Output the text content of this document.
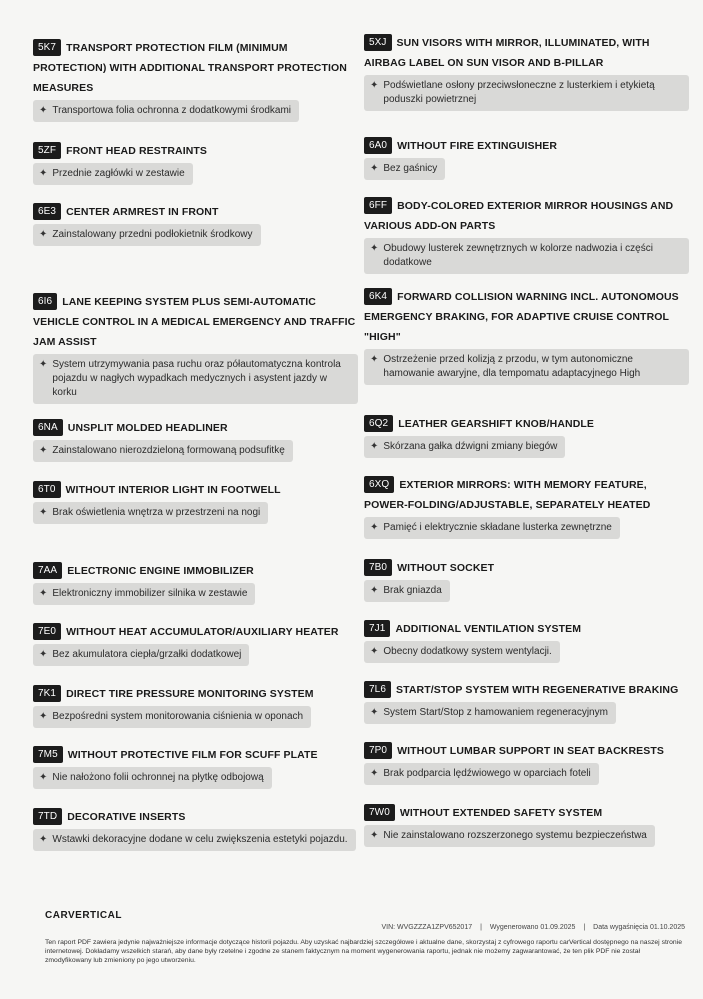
5K7 TRANSPORT PROTECTION FILM (MINIMUM PROTECTION) WITH ADDITIONAL TRANSPORT PROTECTION MEASURES
✦ Transportowa folia ochronna z dodatkowymi środkami
5ZF FRONT HEAD RESTRAINTS
✦ Przednie zagłówki w zestawie
6E3 CENTER ARMREST IN FRONT
✦ Zainstalowany przedni podłokietnik środkowy
6I6 LANE KEEPING SYSTEM PLUS SEMI-AUTOMATIC VEHICLE CONTROL IN A MEDICAL EMERGENCY AND TRAFFIC JAM ASSIST
✦ System utrzymywania pasa ruchu oraz półautomatyczna kontrola pojazdu w nagłych wypadkach medycznych i asystent jazdy w korku
6NA UNSPLIT MOLDED HEADLINER
✦ Zainstalowano nierozdzieloną formowaną podsufitkę
6T0 WITHOUT INTERIOR LIGHT IN FOOTWELL
✦ Brak oświetlenia wnętrza w przestrzeni na nogi
7AA ELECTRONIC ENGINE IMMOBILIZER
✦ Elektroniczny immobilizer silnika w zestawie
7E0 WITHOUT HEAT ACCUMULATOR/AUXILIARY HEATER
✦ Bez akumulatora ciepła/grzałki dodatkowej
7K1 DIRECT TIRE PRESSURE MONITORING SYSTEM
✦ Bezpośredni system monitorowania ciśnienia w oponach
7M5 WITHOUT PROTECTIVE FILM FOR SCUFF PLATE
✦ Nie nałożono folii ochronnej na płytkę odbojową
7TD DECORATIVE INSERTS
✦ Wstawki dekoracyjne dodane w celu zwiększenia estetyki pojazdu.
5XJ SUN VISORS WITH MIRROR, ILLUMINATED, WITH AIRBAG LABEL ON SUN VISOR AND B-PILLAR
✦ Podświetlane osłony przeciwsłoneczne z lusterkiem i etykietą poduszki powietrznej
6A0 WITHOUT FIRE EXTINGUISHER
✦ Bez gaśnicy
6FF BODY-COLORED EXTERIOR MIRROR HOUSINGS AND VARIOUS ADD-ON PARTS
✦ Obudowy lusterek zewnętrznych w kolorze nadwozia i części dodatkowe
6K4 FORWARD COLLISION WARNING INCL. AUTONOMOUS EMERGENCY BRAKING, FOR ADAPTIVE CRUISE CONTROL "HIGH"
✦ Ostrzeżenie przed kolizją z przodu, w tym autonomiczne hamowanie awaryjne, dla tempomatu adaptacyjnego High
6Q2 LEATHER GEARSHIFT KNOB/HANDLE
✦ Skórzana gałka dźwigni zmiany biegów
6XQ EXTERIOR MIRRORS: WITH MEMORY FEATURE, POWER-FOLDING/ADJUSTABLE, SEPARATELY HEATED
✦ Pamięć i elektrycznie składane lusterka zewnętrzne
7B0 WITHOUT SOCKET
✦ Brak gniazda
7J1 ADDITIONAL VENTILATION SYSTEM
✦ Obecny dodatkowy system wentylacji.
7L6 START/STOP SYSTEM WITH REGENERATIVE BRAKING
✦ System Start/Stop z hamowaniem regeneracyjnym
7P0 WITHOUT LUMBAR SUPPORT IN SEAT BACKRESTS
✦ Brak podparcia lędźwiowego w oparciach foteli
7W0 WITHOUT EXTENDED SAFETY SYSTEM
✦ Nie zainstalowano rozszerzonego systemu bezpieczeństwa
CARVERTICAL
VIN: WVGZZZA1ZPV652017 | Wygenerowano 01.09.2025 | Data wygaśnięcia 01.10.2025
Ten raport PDF zawiera jedynie najważniejsze informacje dotyczące historii pojazdu. Aby uzyskać najbardziej szczegółowe i aktualne dane, skorzystaj z cyfrowego raportu carVertical dostępnego na naszej stronie internetowej. Dokładamy wszelkich starań, aby dane były rzetelne i zgodne ze stanem faktycznym na moment wygenerowania raportu, jednak nie możemy zagwarantować, że ten plik PDF nie został zmodyfikowany lub zmieniony po jego utworzeniu.
